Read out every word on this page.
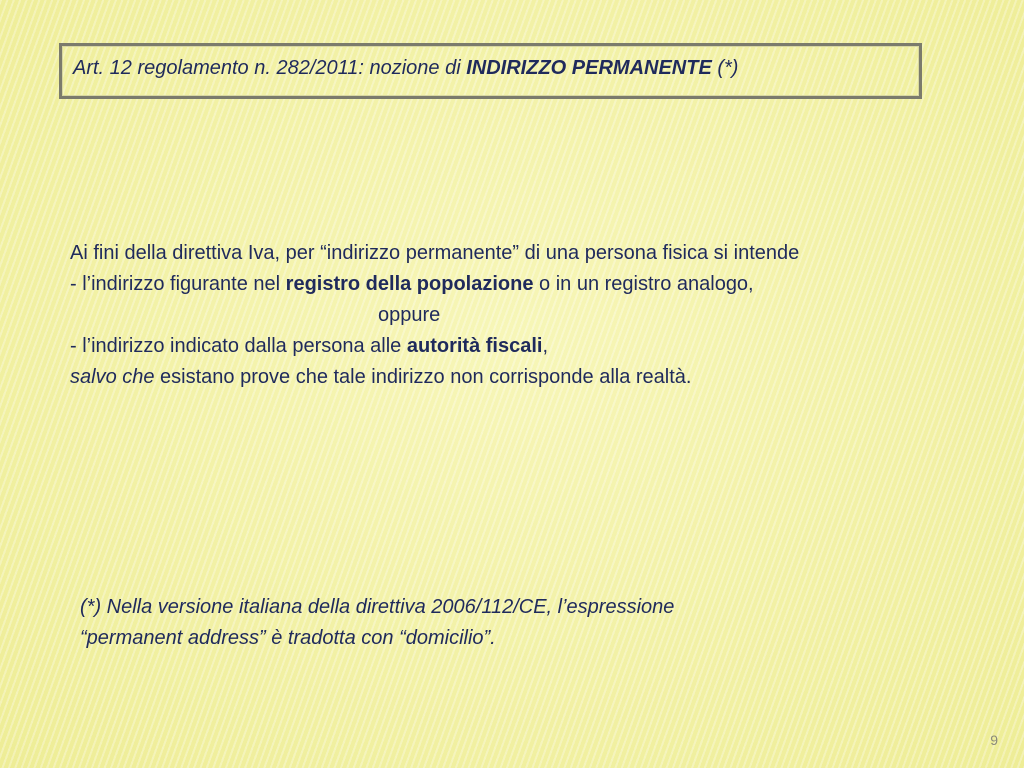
Art. 12 regolamento n. 282/2011: nozione di INDIRIZZO PERMANENTE (*)

Ai fini della direttiva Iva, per “indirizzo permanente” di una persona fisica si intende

- l’indirizzo figurante nel registro della popolazione o in un registro analogo,

oppure

- l’indirizzo indicato dalla persona alle autorità fiscali,

salvo che esistano prove che tale indirizzo non corrisponde alla realtà.

(*) Nella versione italiana della direttiva 2006/112/CE, l’espressione

“permanent address” è tradotta con “domicilio”.

9
